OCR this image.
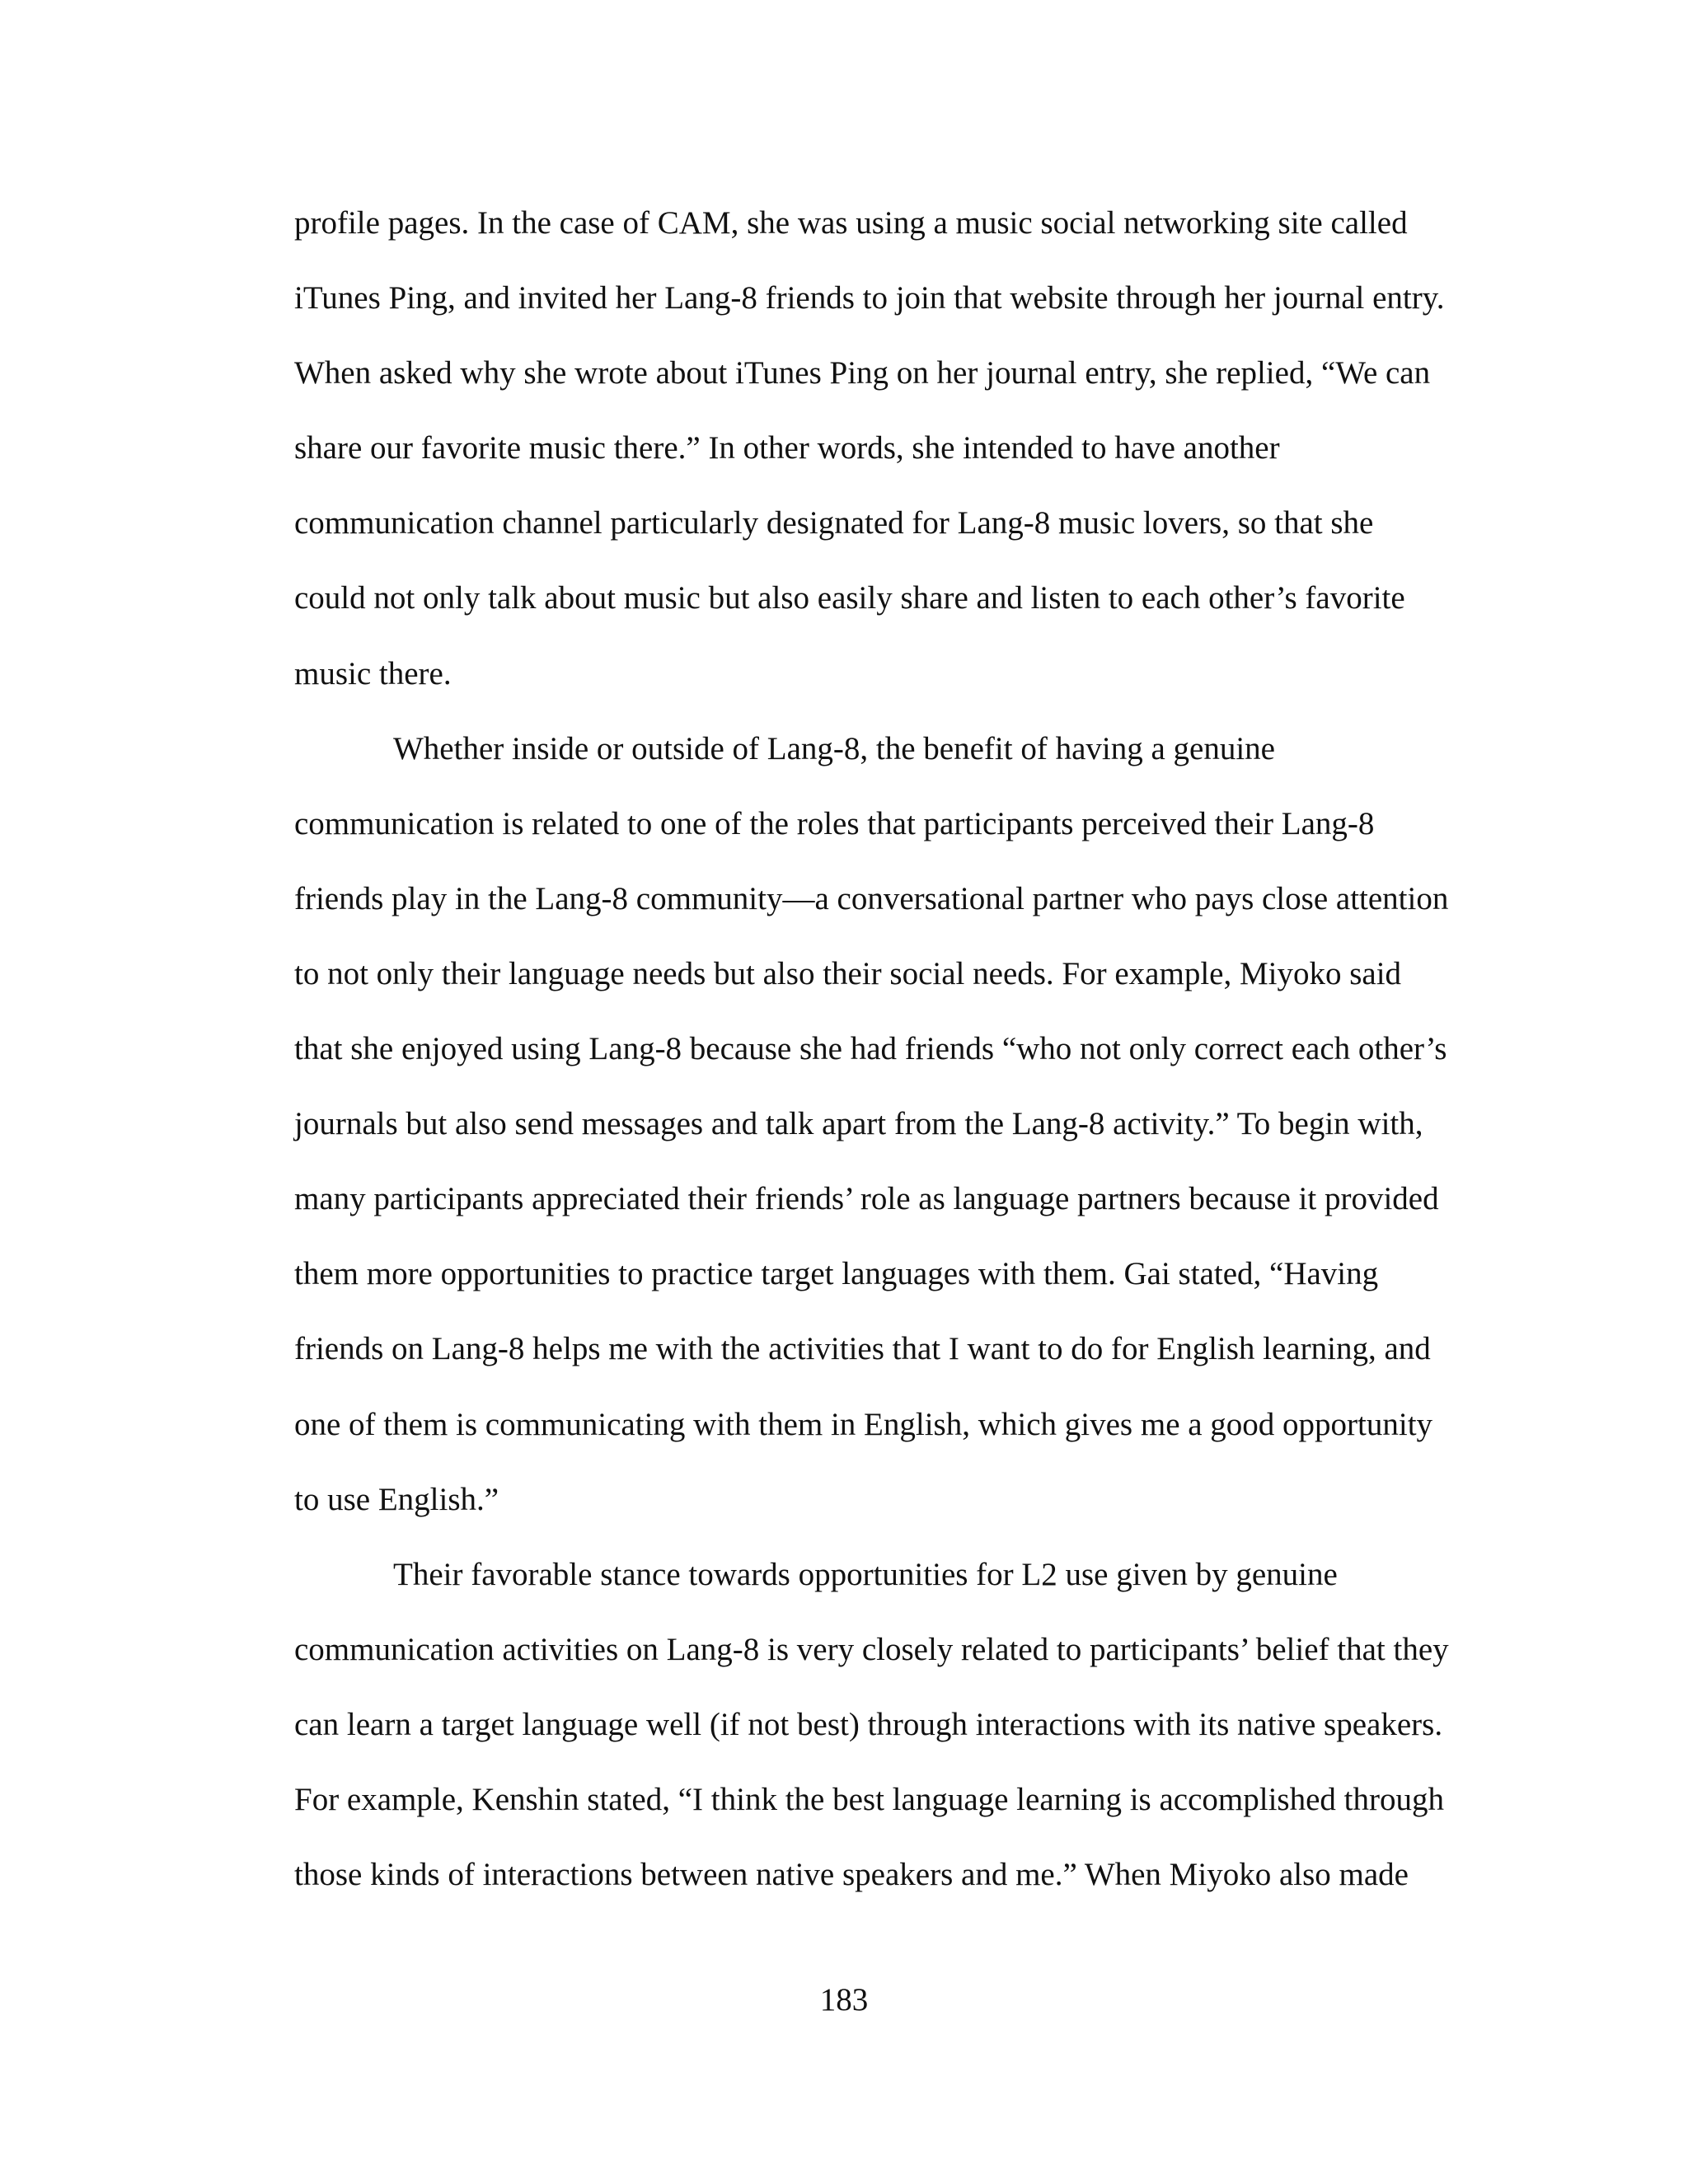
profile pages. In the case of CAM, she was using a music social networking site called
iTunes Ping, and invited her Lang-8 friends to join that website through her journal entry.
When asked why she wrote about iTunes Ping on her journal entry, she replied, “We can
share our favorite music there.” In other words, she intended to have another
communication channel particularly designated for Lang-8 music lovers, so that she
could not only talk about music but also easily share and listen to each other’s favorite
music there.
Whether inside or outside of Lang-8, the benefit of having a genuine
communication is related to one of the roles that participants perceived their Lang-8
friends play in the Lang-8 community—a conversational partner who pays close attention
to not only their language needs but also their social needs. For example, Miyoko said
that she enjoyed using Lang-8 because she had friends “who not only correct each other’s
journals but also send messages and talk apart from the Lang-8 activity.” To begin with,
many participants appreciated their friends’ role as language partners because it provided
them more opportunities to practice target languages with them. Gai stated, “Having
friends on Lang-8 helps me with the activities that I want to do for English learning, and
one of them is communicating with them in English, which gives me a good opportunity
to use English.”
Their favorable stance towards opportunities for L2 use given by genuine
communication activities on Lang-8 is very closely related to participants’ belief that they
can learn a target language well (if not best) through interactions with its native speakers.
For example, Kenshin stated, “I think the best language learning is accomplished through
those kinds of interactions between native speakers and me.” When Miyoko also made
183
